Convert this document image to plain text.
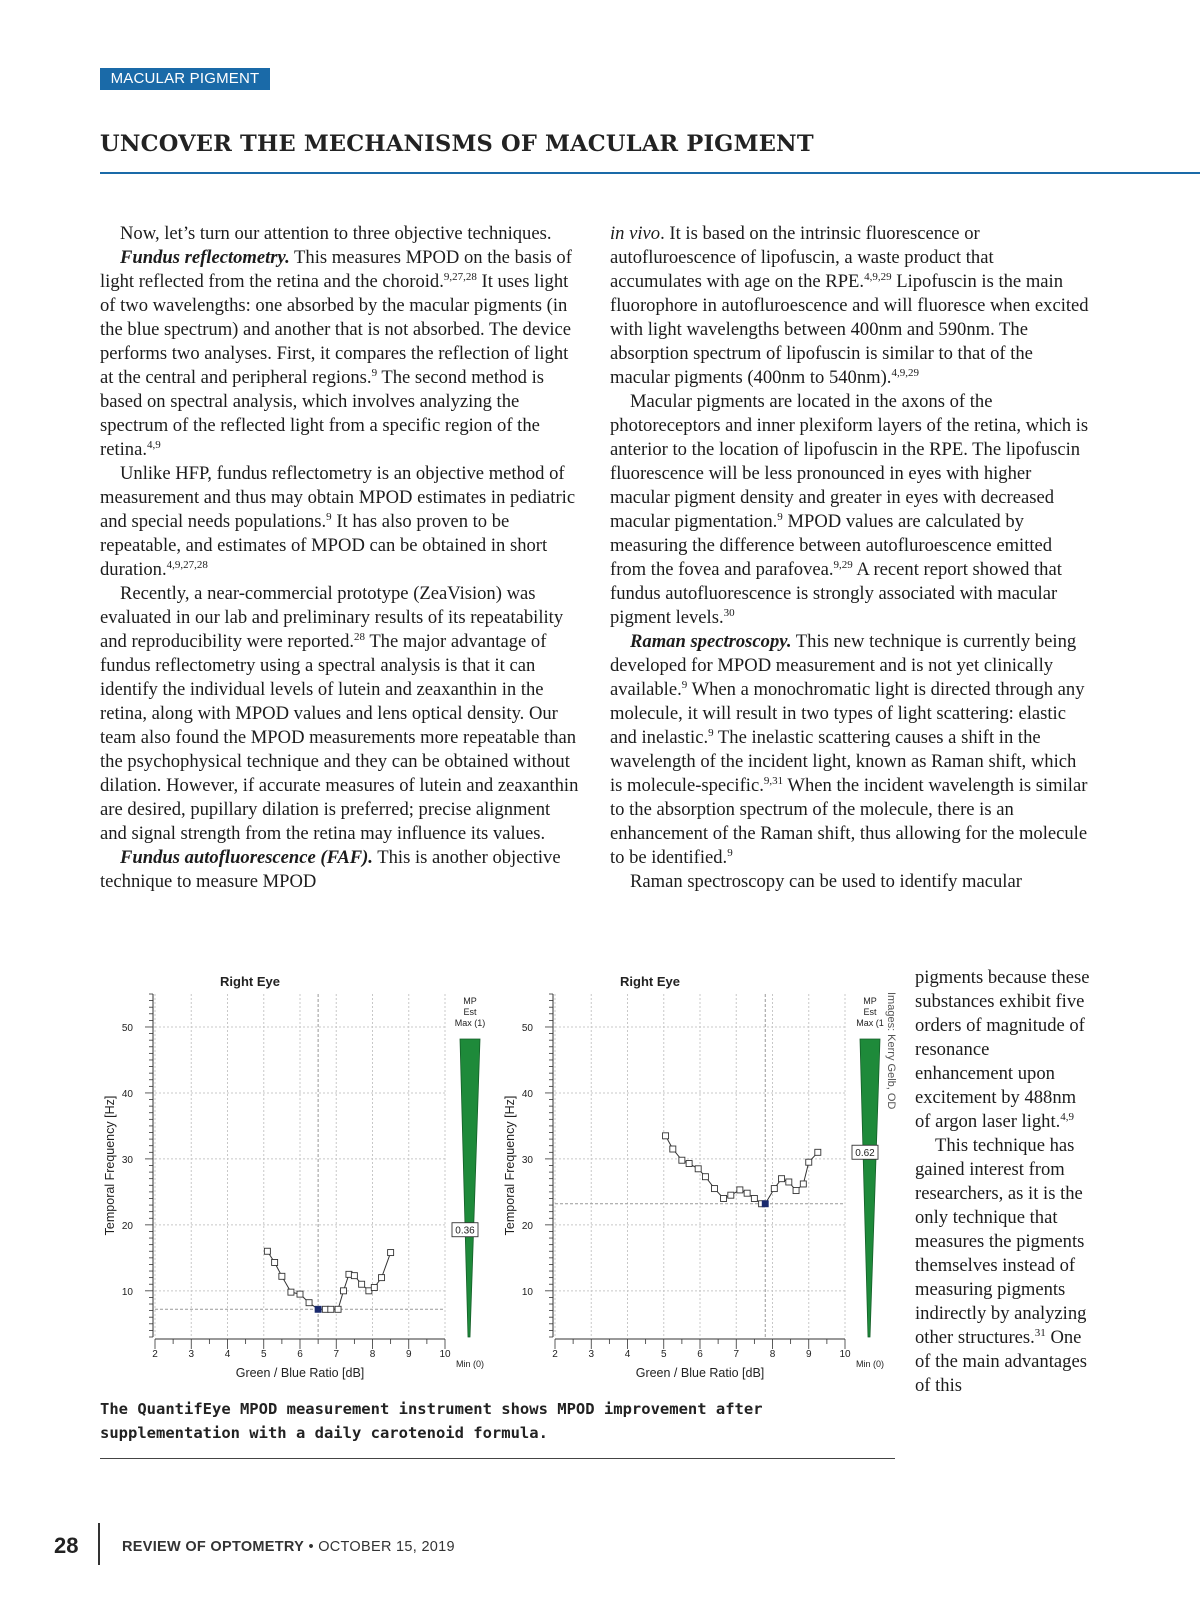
MACULAR PIGMENT
UNCOVER THE MECHANISMS OF MACULAR PIGMENT

Now, let’s turn our attention to three objective techniques.

Fundus reflectometry. This measures MPOD on the basis of light reflected from the retina and the choroid.$^{9,27,28}$ It uses light of two wavelengths: one absorbed by the macular pigments (in the blue spectrum) and another that is not absorbed. The device performs two analyses. First, it compares the reflection of light at the central and peripheral regions.$^9$ The second method is based on spectral analysis, which involves analyzing the spectrum of the reflected light from a specific region of the retina.$^{4,9}$

Unlike HFP, fundus reflectometry is an objective method of measurement and thus may obtain MPOD estimates in pediatric and special needs populations.$^9$ It has also proven to be repeatable, and estimates of MPOD can be obtained in short duration.$^{4,9,27,28}$

Recently, a near-commercial prototype (ZeaVision) was evaluated in our lab and preliminary results of its repeatability and reproducibility were reported.$^{28}$ The major advantage of fundus reflectometry using a spectral analysis is that it can identify the individual levels of lutein and zeaxanthin in the retina, along with MPOD values and lens optical density. Our team also found the MPOD measurements more repeatable than the psychophysical technique and they can be obtained without dilation. However, if accurate measures of lutein and zeaxanthin are desired, pupillary dilation is preferred; precise alignment and signal strength from the retina may influence its values.

Fundus autofluorescence (FAF). This is another objective technique to measure MPOD

in vivo. It is based on the intrinsic fluorescence or autofluroescence of lipofuscin, a waste product that accumulates with age on the RPE.$^{4,9,29}$ Lipofuscin is the main fluorophore in autofluroescence and will fluoresce when excited with light wavelengths between 400nm and 590nm. The absorption spectrum of lipofuscin is similar to that of the macular pigments (400nm to 540nm).$^{4,9,29}$

Macular pigments are located in the axons of the photoreceptors and inner plexiform layers of the retina, which is anterior to the location of lipofuscin in the RPE. The lipofuscin fluorescence will be less pronounced in eyes with higher macular pigment density and greater in eyes with decreased macular pigmentation.$^9$ MPOD values are calculated by measuring the difference between autofluroescence emitted from the fovea and parafovea.$^{9,29}$ A recent report showed that fundus autofluorescence is strongly associated with macular pigment levels.$^{30}$

Raman spectroscopy. This new technique is currently being developed for MPOD measurement and is not yet clinically available.$^9$ When a monochromatic light is directed through any molecule, it will result in two types of light scattering: elastic and inelastic.$^9$ The inelastic scattering causes a shift in the wavelength of the incident light, known as Raman shift, which is molecule-specific.$^{9,31}$ When the incident wavelength is similar to the absorption spectrum of the molecule, there is an enhancement of the Raman shift, thus allowing for the molecule to be identified.$^9$

Raman spectroscopy can be used to identify macular

pigments because these substances exhibit five orders of magnitude of resonance enhancement upon excitement by 488nm of argon laser light.$^{4,9}$

This technique has gained interest from researchers, as it is the only technique that measures the pigments themselves instead of measuring pigments indirectly by analyzing other structures.$^{31}$ One of the main advantages of this

Right Eye
10
20
30
40
50
2	3	4	5	6	7	8	9	10
Green / Blue Ratio [dB]
Temporal Frequency [Hz]
MP
Est
Max (1)
Min (0)
0.36
Right Eye
10
20
30
40
50
2	3	4	5	6	7	8	9	10
Green / Blue Ratio [dB]
Temporal Frequency [Hz]
MP
Est
Max (1
Min (0)
0.62
Images: Kerry Gelb, OD

The QuantifEye MPOD measurement instrument shows MPOD improvement after supplementation with a daily carotenoid formula.

28	REVIEW OF OPTOMETRY • OCTOBER 15, 2019
